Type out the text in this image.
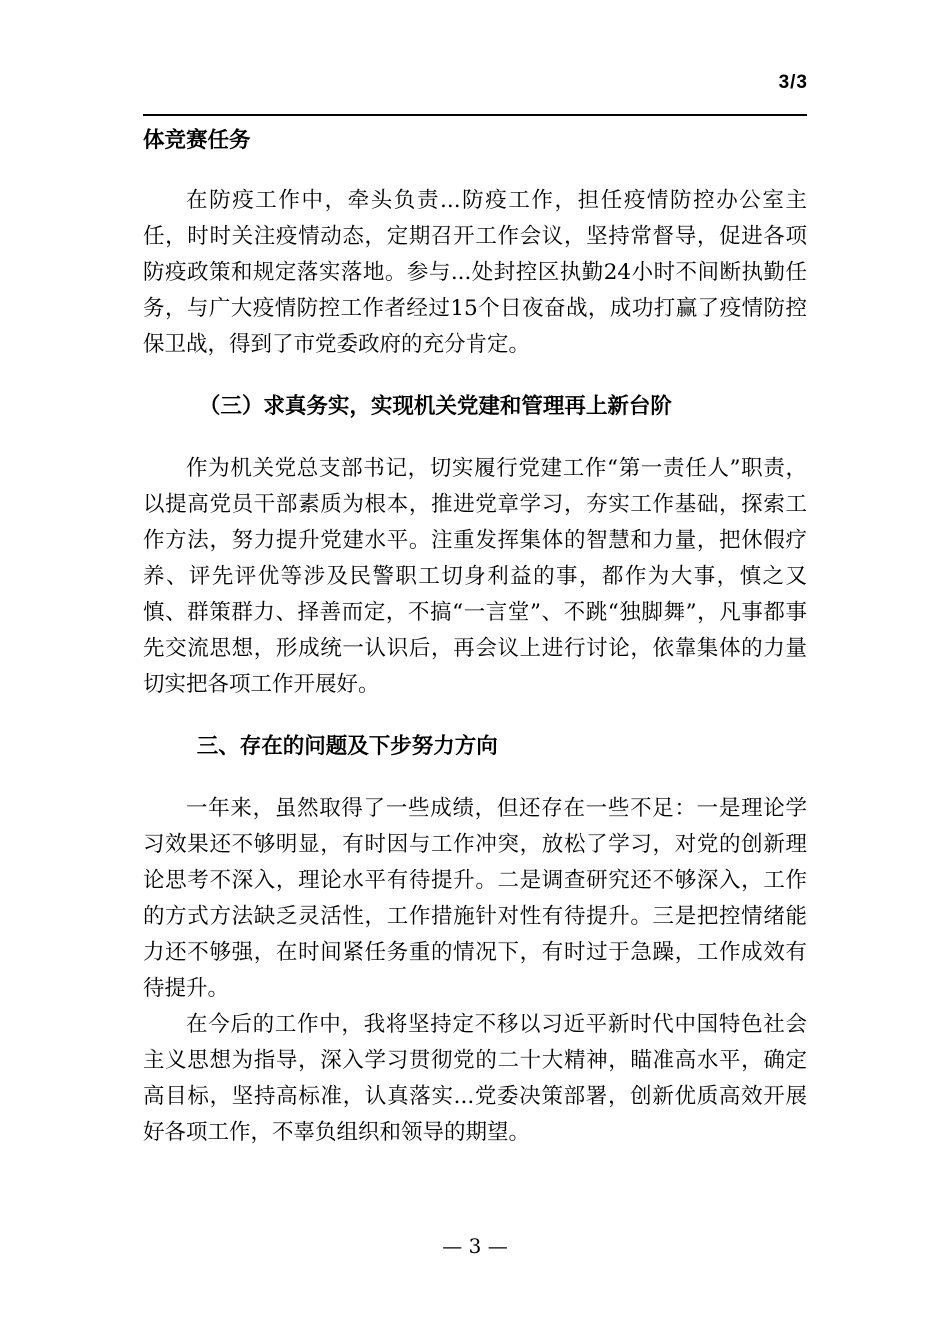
3/3
体竞赛任务

在防疫工作中，牵头负责...防疫工作，担任疫情防控办公室主任，时时关注疫情动态，定期召开工作会议，坚持常督导，促进各项防疫政策和规定落实落地。参与...处封控区执勤24小时不间断执勤任务，与广大疫情防控工作者经过15个日夜奋战，成功打赢了疫情防控保卫战，得到了市党委政府的充分肯定。

（三）求真务实，实现机关党建和管理再上新台阶

作为机关党总支部书记，切实履行党建工作“第一责任人”职责，以提高党员干部素质为根本，推进党章学习，夯实工作基础，探索工作方法，努力提升党建水平。注重发挥集体的智慧和力量，把休假疗养、评先评优等涉及民警职工切身利益的事，都作为大事，慎之又慎、群策群力、择善而定，不搞“一言堂”、不跳“独脚舞”，凡事都事先交流思想，形成统一认识后，再会议上进行讨论，依靠集体的力量切实把各项工作开展好。

三、存在的问题及下步努力方向

一年来，虽然取得了一些成绩，但还存在一些不足：一是理论学习效果还不够明显，有时因与工作冲突，放松了学习，对党的创新理论思考不深入，理论水平有待提升。二是调查研究还不够深入，工作的方式方法缺乏灵活性，工作措施针对性有待提升。三是把控情绪能力还不够强，在时间紧任务重的情况下，有时过于急躁，工作成效有待提升。

在今后的工作中，我将坚持定不移以习近平新时代中国特色社会主义思想为指导，深入学习贯彻党的二十大精神，瞄准高水平，确定高目标，坚持高标准，认真落实...党委决策部署，创新优质高效开展好各项工作，不辜负组织和领导的期望。

— 3 —
